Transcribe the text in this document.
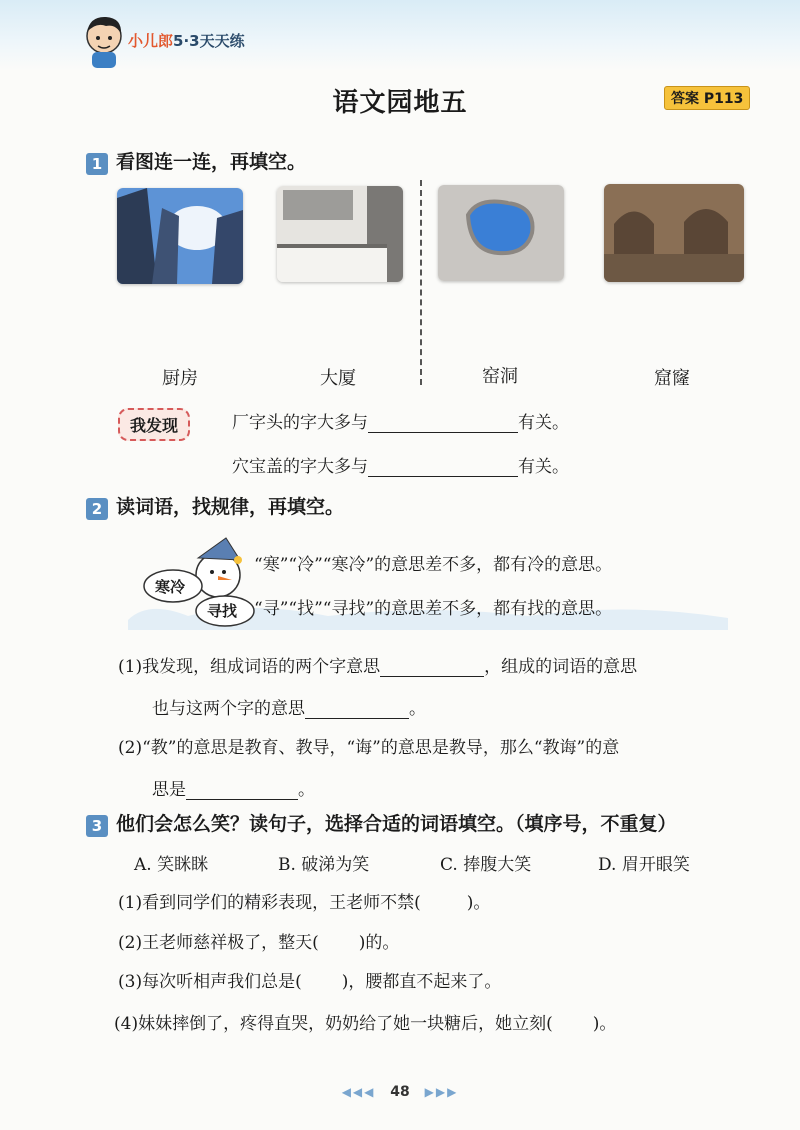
小儿郎5·3天天练
语文园地五	答案 P113
1 看图连一连，再填空。
厨房	大厦	窑洞	窟窿
我发现	厂字头的字大多与	有关。
穴宝盖的字大多与	有关。
2 读词语，找规律，再填空。
寒冷
寻找
“寒”“冷”“寒冷”的意思差不多，都有冷的意思。
“寻”“找”“寻找”的意思差不多，都有找的意思。
(1)我发现，组成词语的两个字意思	，组成的词语的意思
也与这两个字的意思	。
(2)“教”的意思是教育、教导，“诲”的意思是教导，那么“教诲”的意
思是	。
3 他们会怎么笑？读句子，选择合适的词语填空。（填序号，不重复）
A. 笑眯眯	B. 破涕为笑	C. 捧腹大笑	D. 眉开眼笑
(1)看到同学们的精彩表现，王老师不禁(	)。
(2)王老师慈祥极了，整天( )的。
(3)每次听相声我们总是( )，腰都直不起来了。
(4)妹妹摔倒了，疼得直哭，奶奶给了她一块糖后，她立刻( )。
◀◀◀ 48 ▶▶▶
